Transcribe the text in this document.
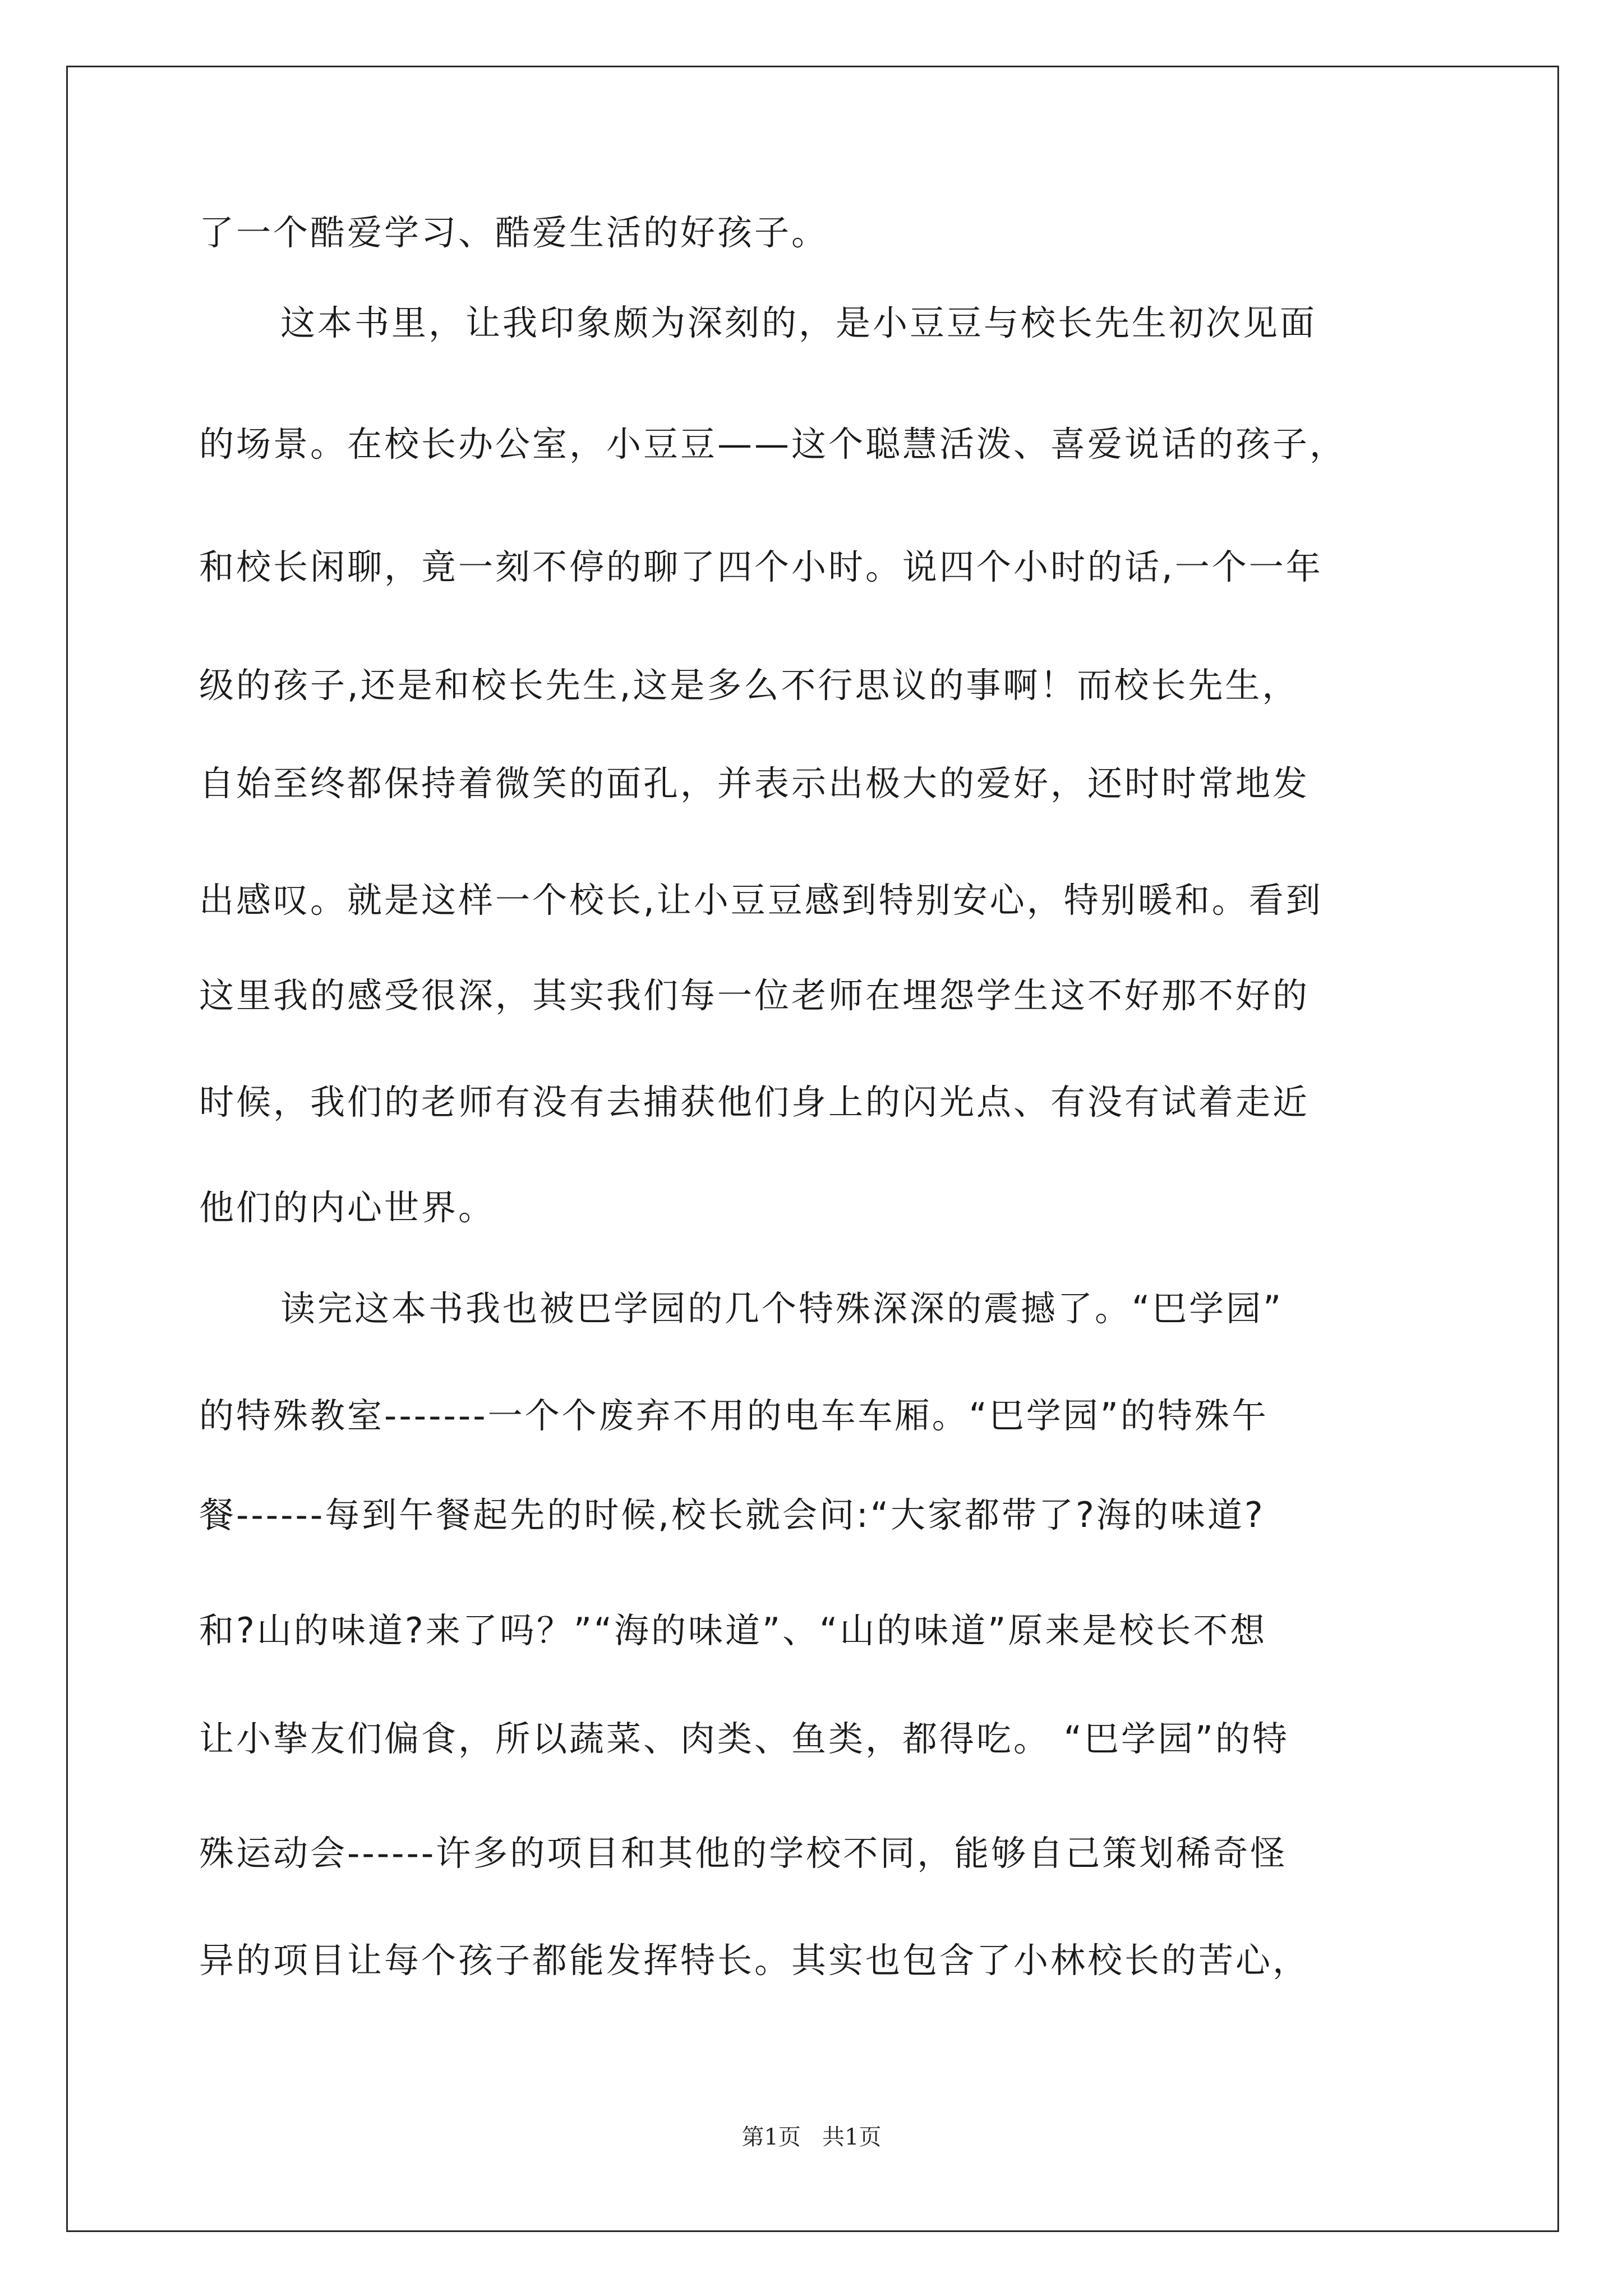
了一个酷爱学习、酷爱生活的好孩子。
这本书里，让我印象颇为深刻的，是小豆豆与校长先生初次见面
的场景。在校长办公室，小豆豆——这个聪慧活泼、喜爱说话的孩子，
和校长闲聊，竟一刻不停的聊了四个小时。说四个小时的话,一个一年
级的孩子,还是和校长先生,这是多么不行思议的事啊！而校长先生，
自始至终都保持着微笑的面孔，并表示出极大的爱好，还时时常地发
出感叹。就是这样一个校长,让小豆豆感到特别安心，特别暖和。看到
这里我的感受很深，其实我们每一位老师在埋怨学生这不好那不好的
时候，我们的老师有没有去捕获他们身上的闪光点、有没有试着走近
他们的内心世界。
读完这本书我也被巴学园的几个特殊深深的震撼了。“巴学园”
的特殊教室-------一个个废弃不用的电车车厢。“巴学园”的特殊午
餐------每到午餐起先的时候,校长就会问:“大家都带了?海的味道?
和?山的味道?来了吗？”“海的味道”、“山的味道”原来是校长不想
让小挚友们偏食，所以蔬菜、肉类、鱼类，都得吃。 “巴学园”的特
殊运动会------许多的项目和其他的学校不同，能够自己策划稀奇怪
异的项目让每个孩子都能发挥特长。其实也包含了小林校长的苦心，
第1页   共1页
